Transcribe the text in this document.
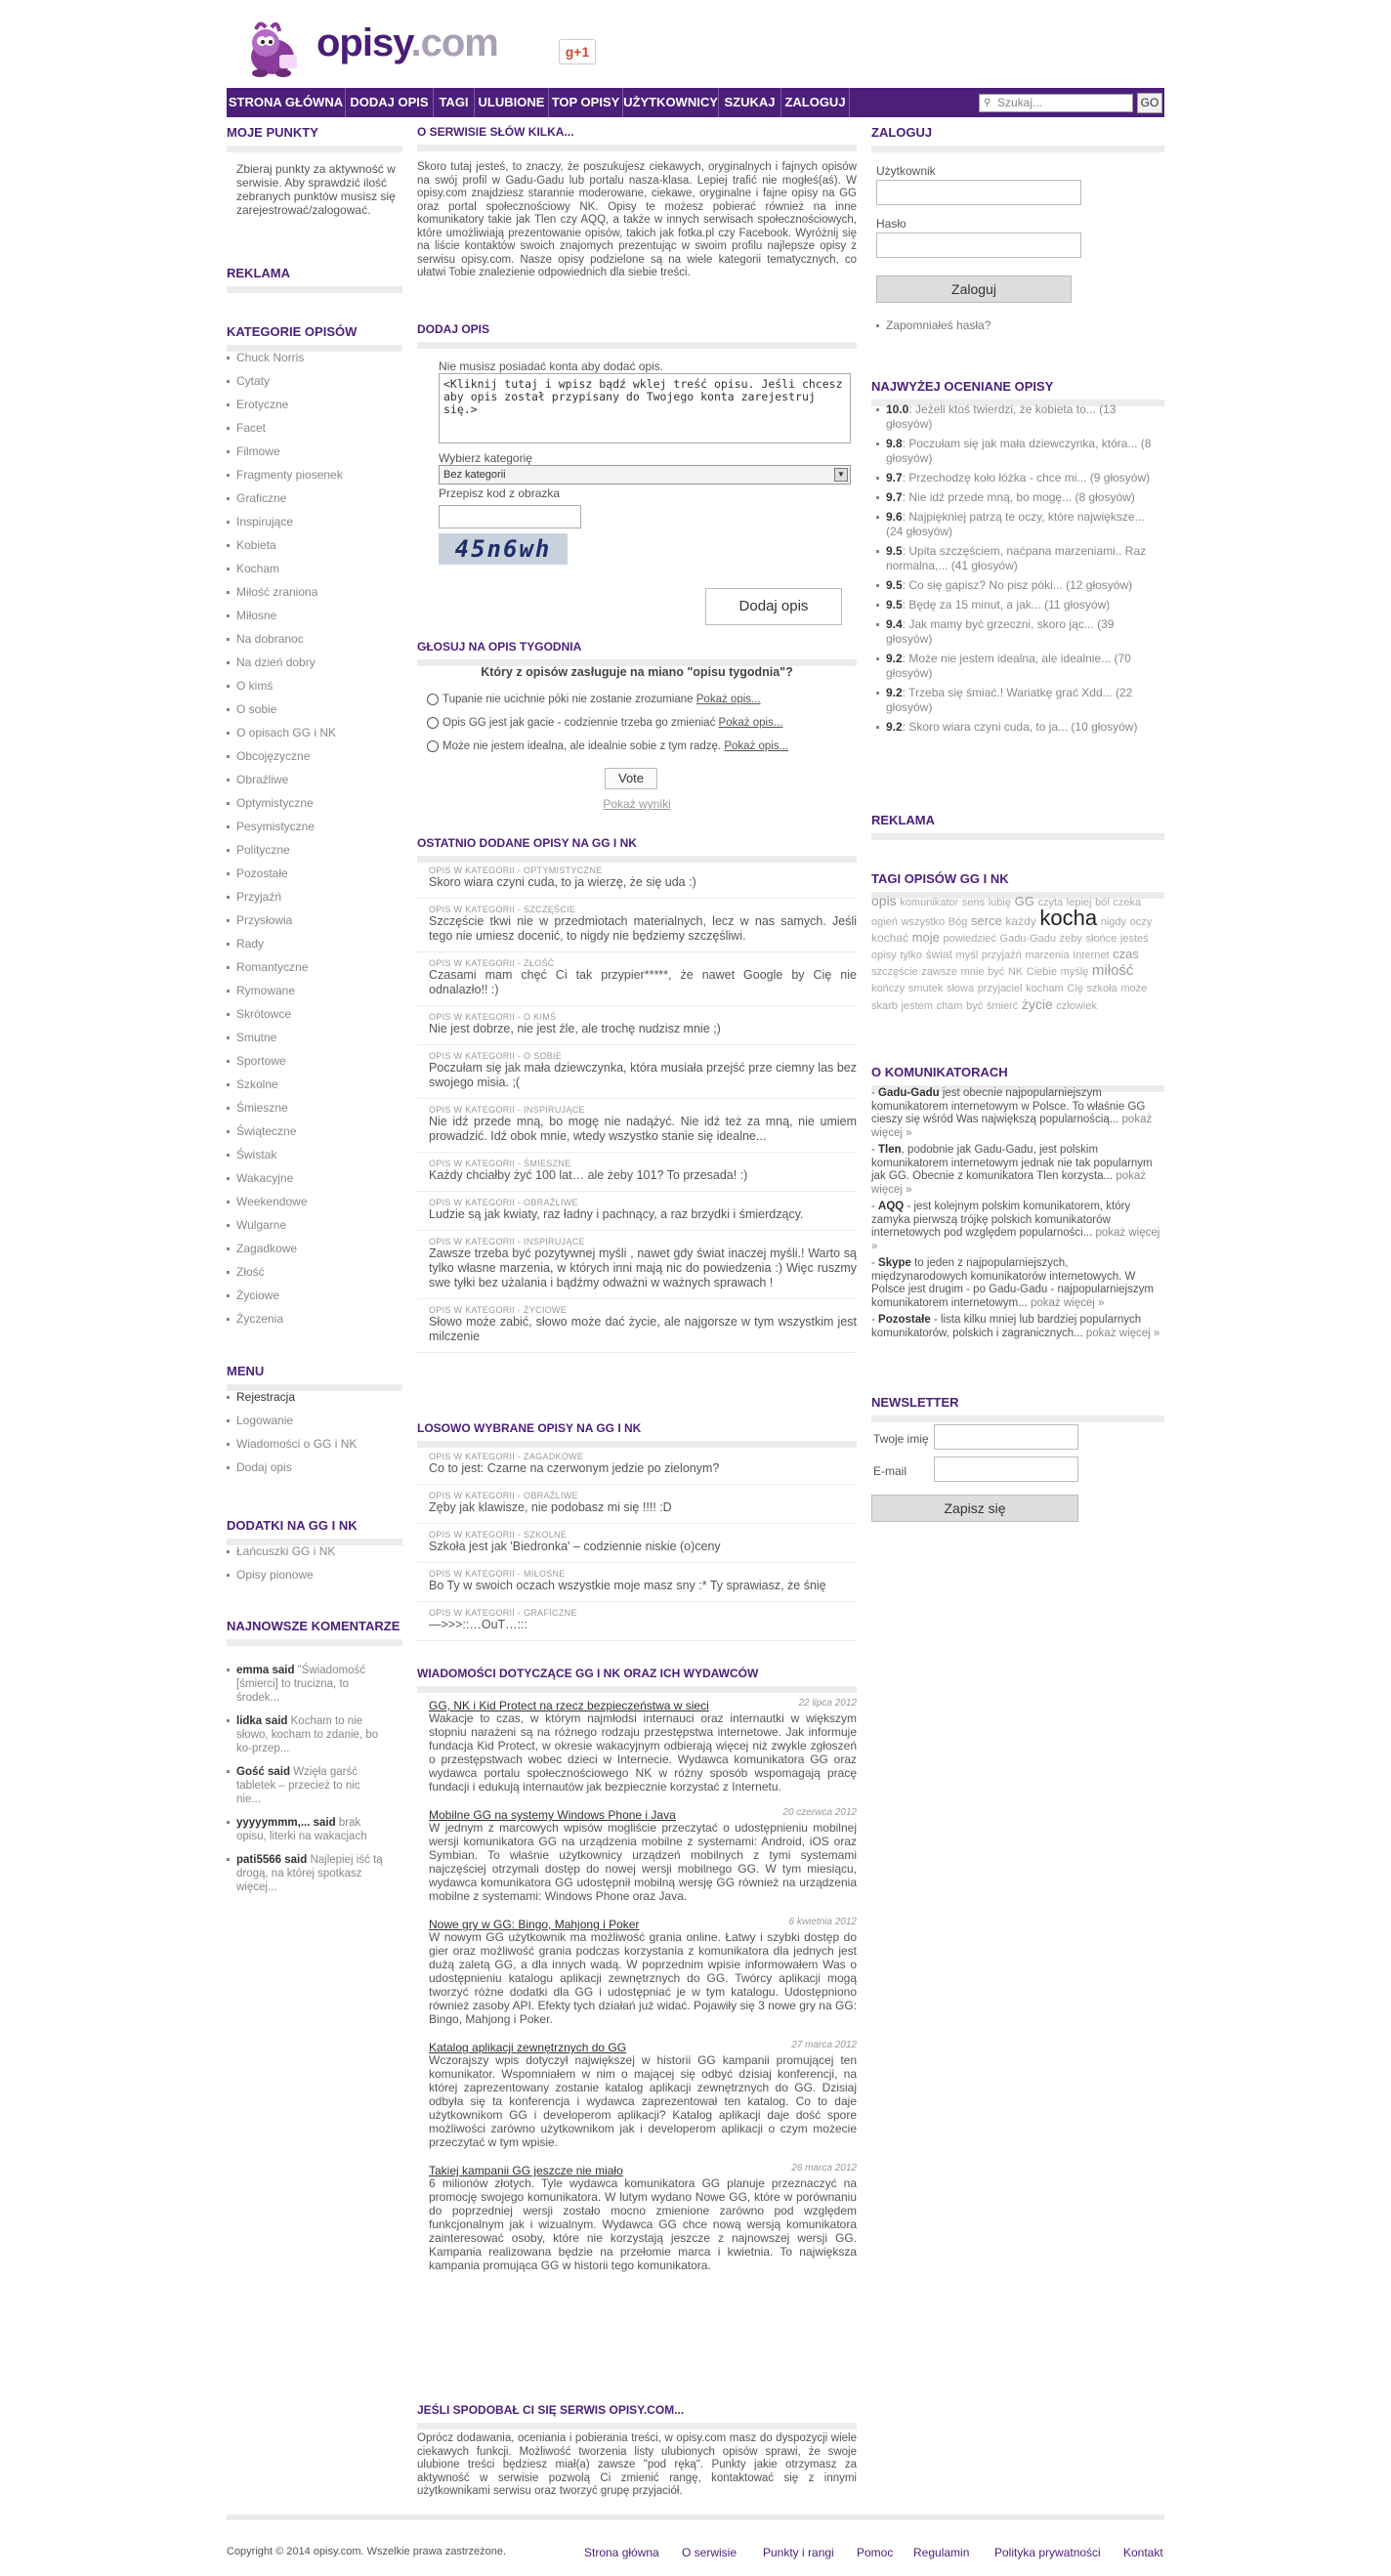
opisy.com	g+1
STRONA GŁÓWNA DODAJ OPIS TAGI ULUBIONE TOP OPISY UŻYTKOWNICY SZUKAJ ZALOGUJ	Szukaj...
⚲	GO
MOJE PUNKTY
Zbieraj punkty za aktywność w serwisie. Aby sprawdzić ilość zebranych punktów musisz się zarejestrować/zalogować.
REKLAMA
KATEGORIE OPISÓW
Chuck Norris
Cytaty
Erotyczne
Facet
Filmowe
Fragmenty piosenek
Graficzne
Inspirujące
Kobieta
Kocham
Miłość zraniona
Miłosne
Na dobranoc
Na dzień dobry
O kimś
O sobie
O opisach GG i NK
Obcojęzyczne
Obraźliwe
Optymistyczne
Pesymistyczne
Polityczne
Pozostałe
Przyjaźń
Przysłowia
Rady
Romantyczne
Rymowane
Skrótowce
Smutne
Sportowe
Szkolne
Śmieszne
Świąteczne
Świstak
Wakacyjne
Weekendowe
Wulgarne
Zagadkowe
Złość
Życiowe
Życzenia
MENU
Rejestracja
Logowanie
Wiadomości o GG i NK
Dodaj opis
DODATKI NA GG I NK
Łańcuszki GG i NK
Opisy pionowe
NAJNOWSZE KOMENTARZE
emma said "Świadomość [śmierci] to trucizna, to środek...
lidka said Kocham to nie słowo, kocham to zdanie, bo ko-przep...
Gość said Wzięła garść tabletek – przecież to nic nie...
yyyyymmm,... said brak opisu, literki na wakacjach
pati5566 said Najlepiej iść tą drogą, na której spotkasz więcej...
O SERWISIE SŁÓW KILKA...
Skoro tutaj jesteś, to znaczy, że poszukujesz ciekawych, oryginalnych i fajnych opisów na swój profil w Gadu-Gadu lub portalu nasza-klasa. Lepiej trafić nie mogłeś(aś). W opisy.com znajdziesz starannie moderowane, ciekawe, oryginalne i fajne opisy na GG oraz portal społecznościowy NK. Opisy te możesz pobierać również na inne komunikatory takie jak Tlen czy AQQ, a także w innych serwisach społecznościowych, które umożliwiają prezentowanie opisów, takich jak fotka.pl czy Facebook. Wyróżnij się na liście kontaktów swoich znajomych prezentując w swoim profilu najlepsze opisy z serwisu opisy.com. Nasze opisy podzielone są na wiele kategorii tematycznych, co ułatwi Tobie znalezienie odpowiednich dla siebie treści.
DODAJ OPIS
Nie musisz posiadać konta aby dodać opis.
<Kliknij tutaj i wpisz bądź wklej treść opisu. Jeśli chcesz aby opis został przypisany do Twojego konta zarejestruj się.>
Wybierz kategorię
Bez kategorii	▼
Przepisz kod z obrazka
45n6wh
Dodaj opis
GŁOSUJ NA OPIS TYGODNIA
Który z opisów zasługuje na miano "opisu tygodnia"?
Tupanie nie ucichnie póki nie zostanie zrozumiane Pokaż opis...
Opis GG jest jak gacie - codziennie trzeba go zmieniać Pokaż opis...
Może nie jestem idealna, ale idealnie sobie z tym radzę. Pokaż opis...
Vote
Pokaż wyniki
OSTATNIO DODANE OPISY NA GG I NK
OPIS W KATEGORII - OPTYMISTYCZNE
Skoro wiara czyni cuda, to ja wierzę, że się uda :)
OPIS W KATEGORII - SZCZĘŚCIE
Szczęście tkwi nie w przedmiotach materialnych, lecz w nas samych. Jeśli tego nie umiesz docenić, to nigdy nie będziemy szczęśliwi.
OPIS W KATEGORII - ZŁOŚĆ
Czasami mam chęć Ci tak przypier*****, że nawet Google by Cię nie odnalazło!! :)
OPIS W KATEGORII - O KIMŚ
Nie jest dobrze, nie jest źle, ale trochę nudzisz mnie ;)
OPIS W KATEGORII - O SOBIE
Poczułam się jak mała dziewczynka, która musiała przejść prze ciemny las bez swojego misia. ;(
OPIS W KATEGORII - INSPIRUJĄCE
Nie idź przede mną, bo mogę nie nadążyć. Nie idź też za mną, nie umiem prowadzić. Idź obok mnie, wtedy wszystko stanie się idealne...
OPIS W KATEGORII - ŚMIESZNE
Każdy chciałby żyć 100 lat… ale żeby 101? To przesada! :)
OPIS W KATEGORII - OBRAŹLIWE
Ludzie są jak kwiaty, raz ładny i pachnący, a raz brzydki i śmierdzący.
OPIS W KATEGORII - INSPIRUJĄCE
Zawsze trzeba być pozytywnej myśli , nawet gdy świat inaczej myśli.! Warto są tylko własne marzenia, w których inni mają nic do powiedzenia :) Więc ruszmy swe tyłki bez użalania i bądźmy odważni w ważnych sprawach !
OPIS W KATEGORII - ŻYCIOWE
Słowo może zabić, słowo może dać życie, ale najgorsze w tym wszystkim jest milczenie
LOSOWO WYBRANE OPISY NA GG I NK
OPIS W KATEGORII - ZAGADKOWE
Co to jest: Czarne na czerwonym jedzie po zielonym?
OPIS W KATEGORII - OBRAŹLIWE
Zęby jak klawisze, nie podobasz mi się !!!! :D
OPIS W KATEGORII - SZKOLNE
Szkoła jest jak 'Biedronka' – codziennie niskie (o)ceny
OPIS W KATEGORII - MIŁOSNE
Bo Ty w swoich oczach wszystkie moje masz sny :* Ty sprawiasz, że śnię
OPIS W KATEGORII - GRAFICZNE
—>>>::…OuT…:::
WIADOMOŚCI DOTYCZĄCE GG I NK ORAZ ICH WYDAWCÓW
GG, NK i Kid Protect na rzecz bezpieczeństwa w sieci	22 lipca 2012
Wakacje to czas, w którym najmłodsi internauci oraz internautki w większym stopniu narażeni są na różnego rodzaju przestępstwa internetowe. Jak informuje fundacja Kid Protect, w okresie wakacyjnym odbierają więcej niż zwykle zgłoszeń o przestępstwach wobec dzieci w Internecie. Wydawca komunikatora GG oraz wydawca portalu społecznościowego NK w różny sposób wspomagają pracę fundacji i edukują internautów jak bezpiecznie korzystać z Internetu.
Mobilne GG na systemy Windows Phone i Java	20 czerwca 2012
W jednym z marcowych wpisów mogliście przeczytać o udostępnieniu mobilnej wersji komunikatora GG na urządzenia mobilne z systemami: Android, iOS oraz Symbian. To właśnie użytkownicy urządzeń mobilnych z tymi systemami najczęściej otrzymali dostęp do nowej wersji mobilnego GG. W tym miesiącu, wydawca komunikatora GG udostępnił mobilną wersję GG również na urządzenia mobilne z systemami: Windows Phone oraz Java.
Nowe gry w GG: Bingo, Mahjong i Poker	6 kwietnia 2012
W nowym GG użytkownik ma możliwość grania online. Łatwy i szybki dostęp do gier oraz możliwość grania podczas korzystania z komunikatora dla jednych jest dużą zaletą GG, a dla innych wadą. W poprzednim wpisie informowałem Was o udostępnieniu katalogu aplikacji zewnętrznych do GG. Twórcy aplikacji mogą tworzyć różne dodatki dla GG i udostępniać je w tym katalogu. Udostępniono również zasoby API. Efekty tych działań już widać. Pojawiły się 3 nowe gry na GG: Bingo, Mahjong i Poker.
Katalog aplikacji zewnętrznych do GG	27 marca 2012
Wczorajszy wpis dotyczył największej w historii GG kampanii promującej ten komunikator. Wspomniałem w nim o mającej się odbyć dzisiaj konferencji, na której zaprezentowany zostanie katalog aplikacji zewnętrznych do GG. Dzisiaj odbyła się ta konferencja i wydawca zaprezentował ten katalog. Co to daje użytkownikom GG i developerom aplikacji? Katalog aplikacji daje dość spore możliwości zarówno użytkownikom jak i developerom aplikacji o czym możecie przeczytać w tym wpisie.
Takiej kampanii GG jeszcze nie miało	26 marca 2012
6 milionów złotych. Tyle wydawca komunikatora GG planuje przeznaczyć na promocję swojego komunikatora. W lutym wydano Nowe GG, które w porównaniu do poprzedniej wersji zostało mocno zmienione zarówno pod względem funkcjonalnym jak i wizualnym. Wydawca GG chce nową wersją komunikatora zainteresować osoby, które nie korzystają jeszcze z najnowszej wersji GG. Kampania realizowana będzie na przełomie marca i kwietnia. To największa kampania promująca GG w historii tego komunikatora.
JEŚLI SPODOBAŁ CI SIĘ SERWIS OPISY.COM...
Oprócz dodawania, oceniania i pobierania treści, w opisy.com masz do dyspozycji wiele ciekawych funkcji. Możliwość tworzenia listy ulubionych opisów sprawi, że swoje ulubione treści będziesz miał(a) zawsze "pod ręką". Punkty jakie otrzymasz za aktywność w serwisie pozwolą Ci zmienić rangę, kontaktować się z innymi użytkownikami serwisu oraz tworzyć grupę przyjaciół.
ZALOGUJ
Użytkownik
Hasło
Zaloguj
Zapomniałeś hasła?
NAJWYŻEJ OCENIANE OPISY
10.0: Jeżeli ktoś twierdzi, że kobieta to... (13 głosyów)
9.8: Poczułam się jak mała dziewczynka, która... (8 głosyów)
9.7: Przechodzę koło łóżka - chce mi... (9 głosyów)
9.7: Nie idź przede mną, bo mogę... (8 głosyów)
9.6: Najpiękniej patrzą te oczy, które największe... (24 głosyów)
9.5: Upita szczęściem, naćpana marzeniami.. Raz normalna,... (41 głosyów)
9.5: Co się gapisz? No pisz póki... (12 głosyów)
9.5: Będę za 15 minut, a jak... (11 głosyów)
9.4: Jak mamy być grzeczni, skoro jąc... (39 głosyów)
9.2: Może nie jestem idealna, ale idealnie... (70 głosyów)
9.2: Trzeba się śmiać.! Wariatkę grać Xdd... (22 głosyów)
9.2: Skoro wiara czyni cuda, to ja... (10 głosyów)
REKLAMA
TAGI OPISÓW GG I NK
opis komunikator sens lubię GG czyta lepiej ból czeka ogień wszystko Bóg serce każdy kocha nigdy oczy kochać moje powiedzieć Gadu-Gadu żeby słońce jesteś opisy tylko świat myśl przyjaźń marzenia Internet czas szczęście zawsze mnie być NK Ciebie myślę miłość kończy smutek słowa przyjaciel kocham Cię szkoła może skarb jestem cham być śmierć życie człowiek
O KOMUNIKATORACH
- Gadu-Gadu jest obecnie najpopularniejszym komunikatorem internetowym w Polsce. To właśnie GG cieszy się wśród Was największą popularnością... pokaż więcej »
- Tlen, podobnie jak Gadu-Gadu, jest polskim komunikatorem internetowym jednak nie tak popularnym jak GG. Obecnie z komunikatora Tlen korzysta... pokaż więcej »
- AQQ - jest kolejnym polskim komunikatorem, który zamyka pierwszą trójkę polskich komunikatorów internetowych pod względem popularności... pokaż więcej »
- Skype to jeden z najpopularniejszych, międzynarodowych komunikatorów internetowych. W Polsce jest drugim - po Gadu-Gadu - najpopularniejszym komunikatorem internetowym... pokaż więcej »
- Pozostałe - lista kilku mniej lub bardziej popularnych komunikatorów, polskich i zagranicznych... pokaż więcej »
NEWSLETTER
Twoje imię
E-mail
Zapisz się
Copyright © 2014 opisy.com. Wszelkie prawa zastrzeżone.	Strona główna O serwisie Punkty i rangi Pomoc Regulamin Polityka prywatności Kontakt
